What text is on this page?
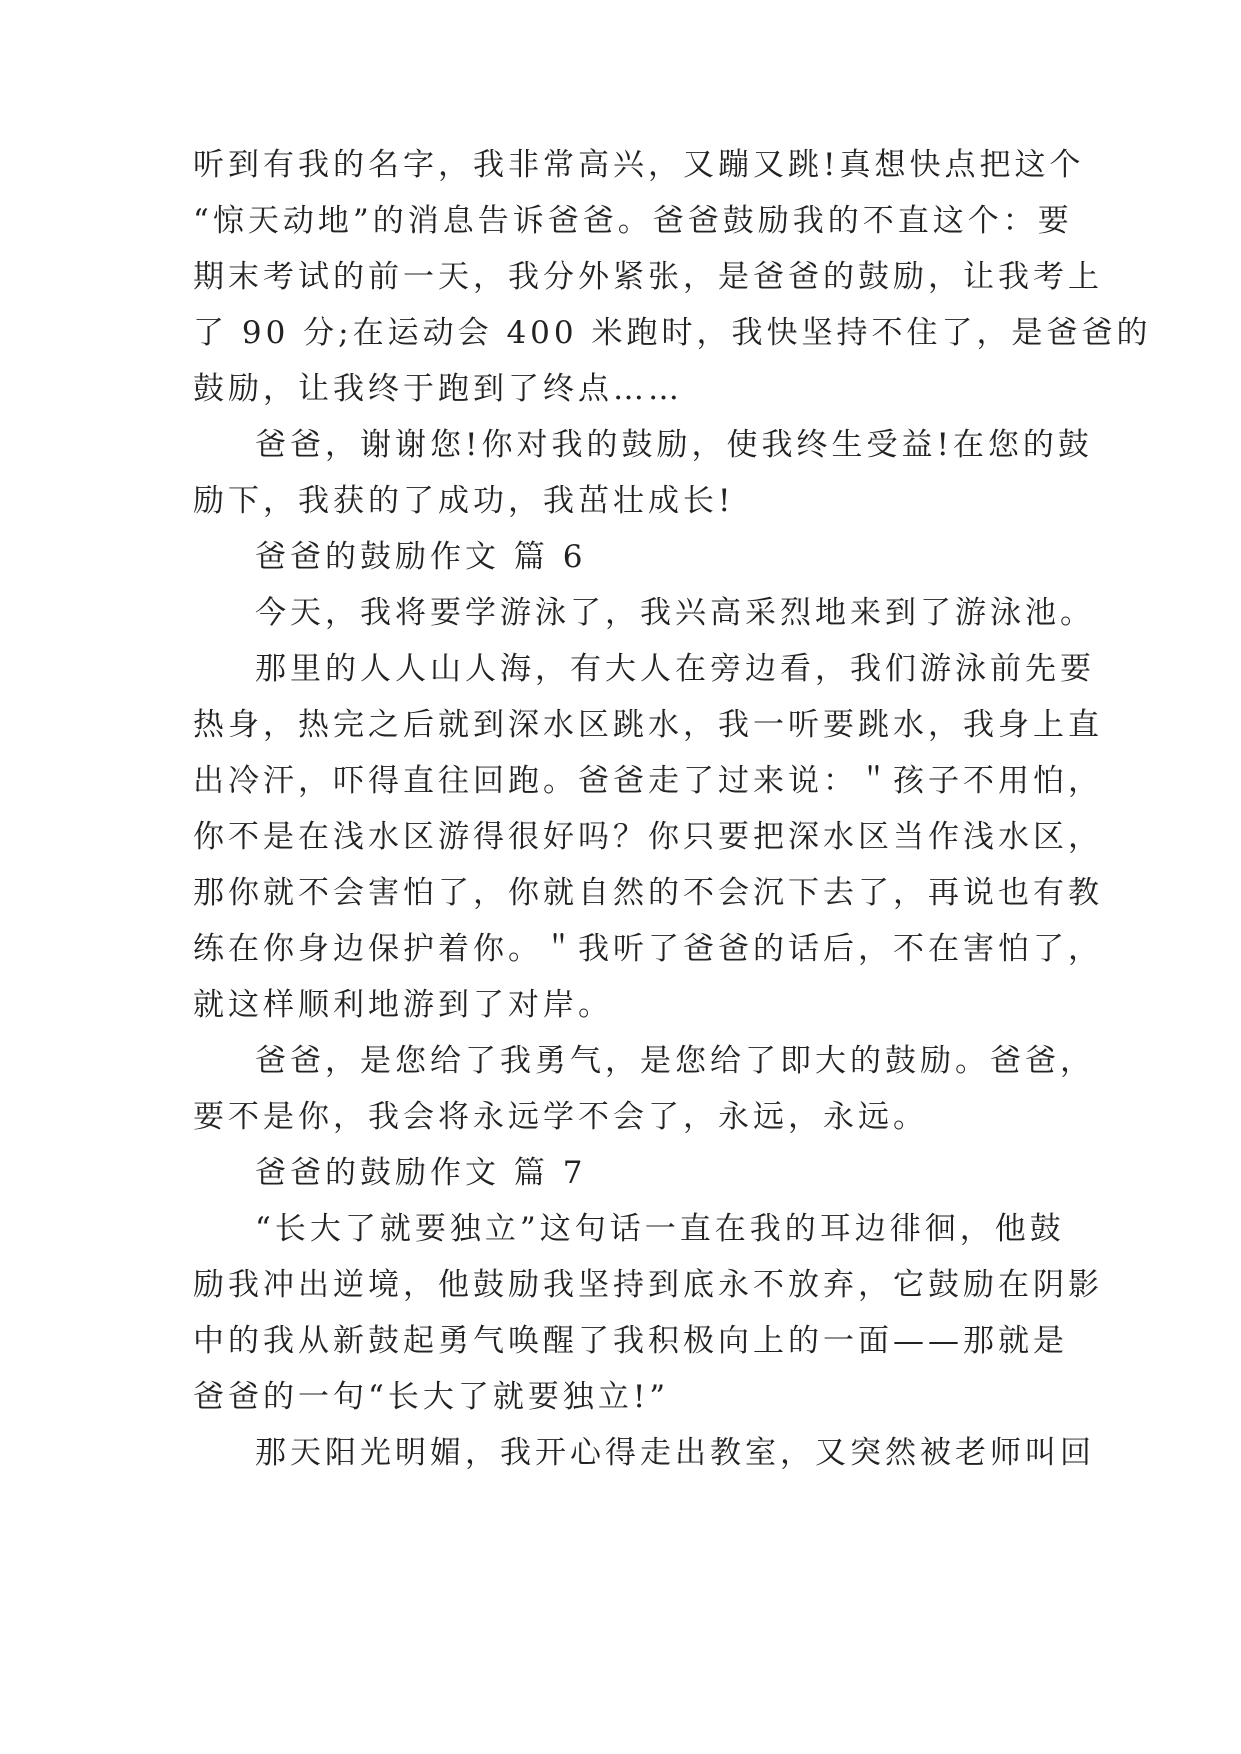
听到有我的名字，我非常高兴，又蹦又跳!真想快点把这个
“惊天动地”的消息告诉爸爸。爸爸鼓励我的不直这个：要
期末考试的前一天，我分外紧张，是爸爸的鼓励，让我考上
了 90 分;在运动会 400 米跑时，我快坚持不住了，是爸爸的
鼓励，让我终于跑到了终点……
爸爸，谢谢您!你对我的鼓励，使我终生受益!在您的鼓
励下，我获的了成功，我茁壮成长!
爸爸的鼓励作文 篇 6
今天，我将要学游泳了，我兴高采烈地来到了游泳池。
那里的人人山人海，有大人在旁边看，我们游泳前先要
热身，热完之后就到深水区跳水，我一听要跳水，我身上直
出冷汗，吓得直往回跑。爸爸走了过来说：＂孩子不用怕，
你不是在浅水区游得很好吗？你只要把深水区当作浅水区，
那你就不会害怕了，你就自然的不会沉下去了，再说也有教
练在你身边保护着你。＂我听了爸爸的话后，不在害怕了，
就这样顺利地游到了对岸。
爸爸，是您给了我勇气，是您给了即大的鼓励。爸爸，
要不是你，我会将永远学不会了，永远，永远。
爸爸的鼓励作文 篇 7
“长大了就要独立”这句话一直在我的耳边徘徊，他鼓
励我冲出逆境，他鼓励我坚持到底永不放弃，它鼓励在阴影
中的我从新鼓起勇气唤醒了我积极向上的一面——那就是
爸爸的一句“长大了就要独立!”
那天阳光明媚，我开心得走出教室，又突然被老师叫回
